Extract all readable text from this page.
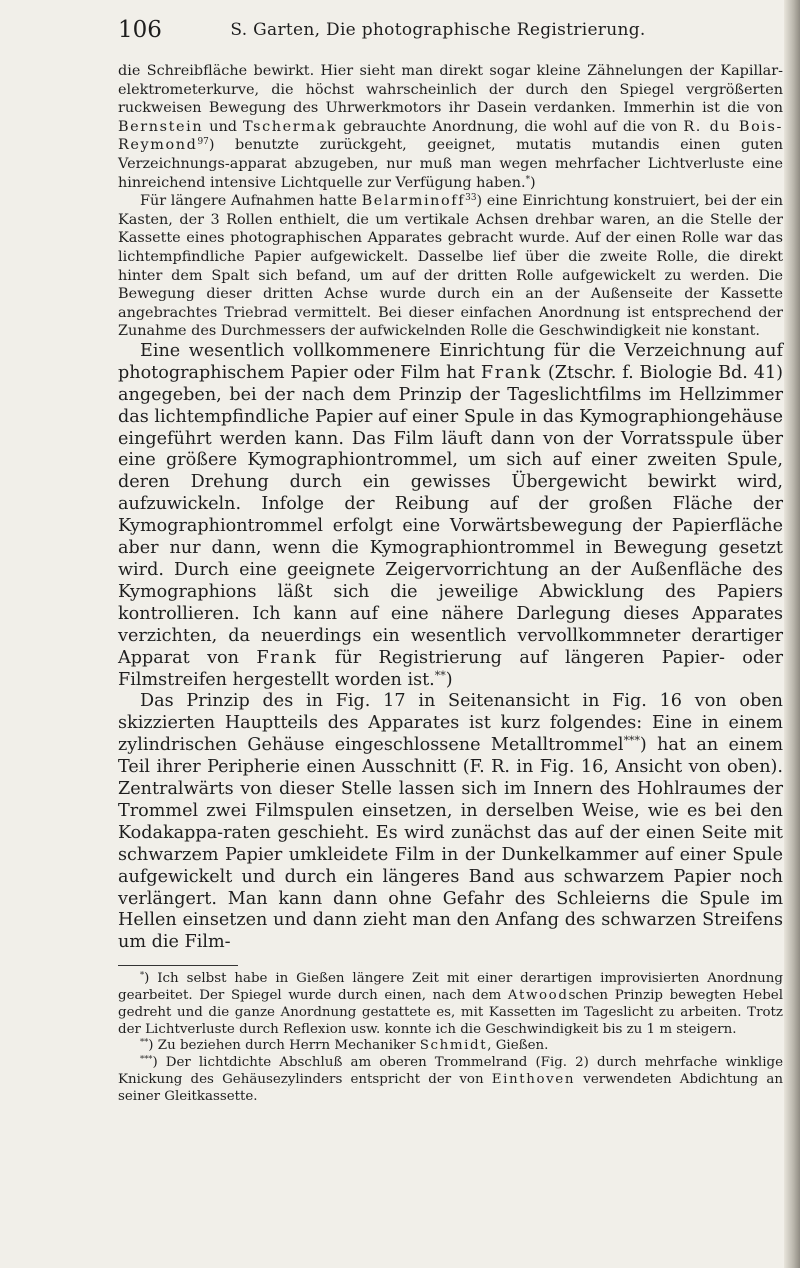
106	S. Garten, Die photographische Registrierung.

die Schreibfläche bewirkt. Hier sieht man direkt sogar kleine Zähnelungen der Kapillar-elektrometerkurve, die höchst wahrscheinlich der durch den Spiegel vergrößerten ruckweisen Bewegung des Uhrwerkmotors ihr Dasein verdanken. Immerhin ist die von Bernstein und Tschermak gebrauchte Anordnung, die wohl auf die von R. du Bois-Reymond$^{97}$) benutzte zurückgeht, geeignet, mutatis mutandis einen guten Verzeichnungs-apparat abzugeben, nur muß man wegen mehrfacher Lichtverluste eine hinreichend intensive Lichtquelle zur Verfügung haben.*)

Für längere Aufnahmen hatte Belarminoff$^{33}$) eine Einrichtung konstruiert, bei der ein Kasten, der 3 Rollen enthielt, die um vertikale Achsen drehbar waren, an die Stelle der Kassette eines photographischen Apparates gebracht wurde. Auf der einen Rolle war das lichtempfindliche Papier aufgewickelt. Dasselbe lief über die zweite Rolle, die direkt hinter dem Spalt sich befand, um auf der dritten Rolle aufgewickelt zu werden. Die Bewegung dieser dritten Achse wurde durch ein an der Außenseite der Kassette angebrachtes Triebrad vermittelt. Bei dieser einfachen Anordnung ist entsprechend der Zunahme des Durchmessers der aufwickelnden Rolle die Geschwindigkeit nie konstant.

Eine wesentlich vollkommenere Einrichtung für die Verzeichnung auf photographischem Papier oder Film hat Frank (Ztschr. f. Biologie Bd. 41) angegeben, bei der nach dem Prinzip der Tageslichtfilms im Hellzimmer das lichtempfindliche Papier auf einer Spule in das Kymographiongehäuse eingeführt werden kann. Das Film läuft dann von der Vorratsspule über eine größere Kymographiontrommel, um sich auf einer zweiten Spule, deren Drehung durch ein gewisses Übergewicht bewirkt wird, aufzuwickeln. Infolge der Reibung auf der großen Fläche der Kymographiontrommel erfolgt eine Vorwärtsbewegung der Papierfläche aber nur dann, wenn die Kymographiontrommel in Bewegung gesetzt wird. Durch eine geeignete Zeigervorrichtung an der Außenfläche des Kymographions läßt sich die jeweilige Abwicklung des Papiers kontrollieren. Ich kann auf eine nähere Darlegung dieses Apparates verzichten, da neuerdings ein wesentlich vervollkommneter derartiger Apparat von Frank für Registrierung auf längeren Papier- oder Filmstreifen hergestellt worden ist.**)

Das Prinzip des in Fig. 17 in Seitenansicht in Fig. 16 von oben skizzierten Hauptteils des Apparates ist kurz folgendes: Eine in einem zylindrischen Gehäuse eingeschlossene Metalltrommel***) hat an einem Teil ihrer Peripherie einen Ausschnitt (F. R. in Fig. 16, Ansicht von oben). Zentralwärts von dieser Stelle lassen sich im Innern des Hohlraumes der Trommel zwei Filmspulen einsetzen, in derselben Weise, wie es bei den Kodakappa-raten geschieht. Es wird zunächst das auf der einen Seite mit schwarzem Papier umkleidete Film in der Dunkelkammer auf einer Spule aufgewickelt und durch ein längeres Band aus schwarzem Papier noch verlängert. Man kann dann ohne Gefahr des Schleierns die Spule im Hellen einsetzen und dann zieht man den Anfang des schwarzen Streifens um die Film-

*) Ich selbst habe in Gießen längere Zeit mit einer derartigen improvisierten Anordnung gearbeitet. Der Spiegel wurde durch einen, nach dem Atwoodschen Prinzip bewegten Hebel gedreht und die ganze Anordnung gestattete es, mit Kassetten im Tageslicht zu arbeiten. Trotz der Lichtverluste durch Reflexion usw. konnte ich die Geschwindigkeit bis zu 1 m steigern.

**) Zu beziehen durch Herrn Mechaniker Schmidt, Gießen.

***) Der lichtdichte Abschluß am oberen Trommelrand (Fig. 2) durch mehrfache winklige Knickung des Gehäusezylinders entspricht der von Einthoven verwendeten Abdichtung an seiner Gleitkassette.
